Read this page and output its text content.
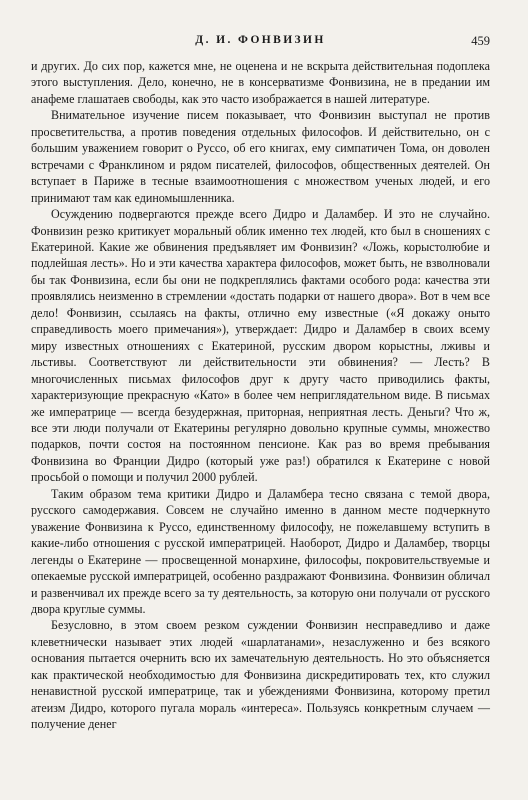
Д. И. ФОНВИЗИН	459

и других. До сих пор, кажется мне, не оценена и не вскрыта действительная подоплека этого выступления. Дело, конечно, не в консерватизме Фонвизина, не в предании им анафеме глашатаев свободы, как это часто изображается в нашей литературе.

Внимательное изучение писем показывает, что Фонвизин выступал не против просветительства, а против поведения отдельных философов. И действительно, он с большим уважением говорит о Руссо, об его книгах, ему симпатичен Тома, он доволен встречами с Франклином и рядом писателей, философов, общественных деятелей. Он вступает в Париже в тесные взаимоотношения с множеством ученых людей, и его принимают там как единомышленника.

Осуждению подвергаются прежде всего Дидро и Даламбер. И это не случайно. Фонвизин резко критикует моральный облик именно тех людей, кто был в сношениях с Екатериной. Какие же обвинения предъявляет им Фонвизин? «Ложь, корыстолюбие и подлейшая лесть». Но и эти качества характера философов, может быть, не взволновали бы так Фонвизина, если бы они не подкреплялись фактами особого рода: качества эти проявлялись неизменно в стремлении «достать подарки от нашего двора». Вот в чем все дело! Фонвизин, ссылаясь на факты, отлично ему известные («Я докажу оныто справедливость моего примечания»), утверждает: Дидро и Даламбер в своих всему миру известных отношениях с Екатериной, русским двором корыстны, лживы и льстивы. Соответствуют ли действительности эти обвинения? — Лесть? В многочисленных письмах философов друг к другу часто приводились факты, характеризующие прекрасную «Като» в более чем неприглядательном виде. В письмах же императрице — всегда безудержная, приторная, неприятная лесть. Деньги? Что ж, все эти люди получали от Екатерины регулярно довольно крупные суммы, множество подарков, почти состоя на постоянном пенсионе. Как раз во время пребывания Фонвизина во Франции Дидро (который уже раз!) обратился к Екатерине с новой просьбой о помощи и получил 2000 рублей.

Таким образом тема критики Дидро и Даламбера тесно связана с темой двора, русского самодержавия. Совсем не случайно именно в данном месте подчеркнуто уважение Фонвизина к Руссо, единственному философу, не пожелавшему вступить в какие-либо отношения с русской императрицей. Наоборот, Дидро и Даламбер, творцы легенды о Екатерине — просвещенной монархине, философы, покровительствуемые и опекаемые русской императрицей, особенно раздражают Фонвизина. Фонвизин обличал и развенчивал их прежде всего за ту деятельность, за которую они получали от русского двора круглые суммы.

Безусловно, в этом своем резком суждении Фонвизин несправедливо и даже клеветнически называет этих людей «шарлатанами», незаслуженно и без всякого основания пытается очернить всю их замечательную деятельность. Но это объясняется как практической необходимостью для Фонвизина дискредитировать тех, кто служил ненавистной русской императрице, так и убеждениями Фонвизина, которому претил атеизм Дидро, которого пугала мораль «интереса». Пользуясь конкретным случаем — получение денег
